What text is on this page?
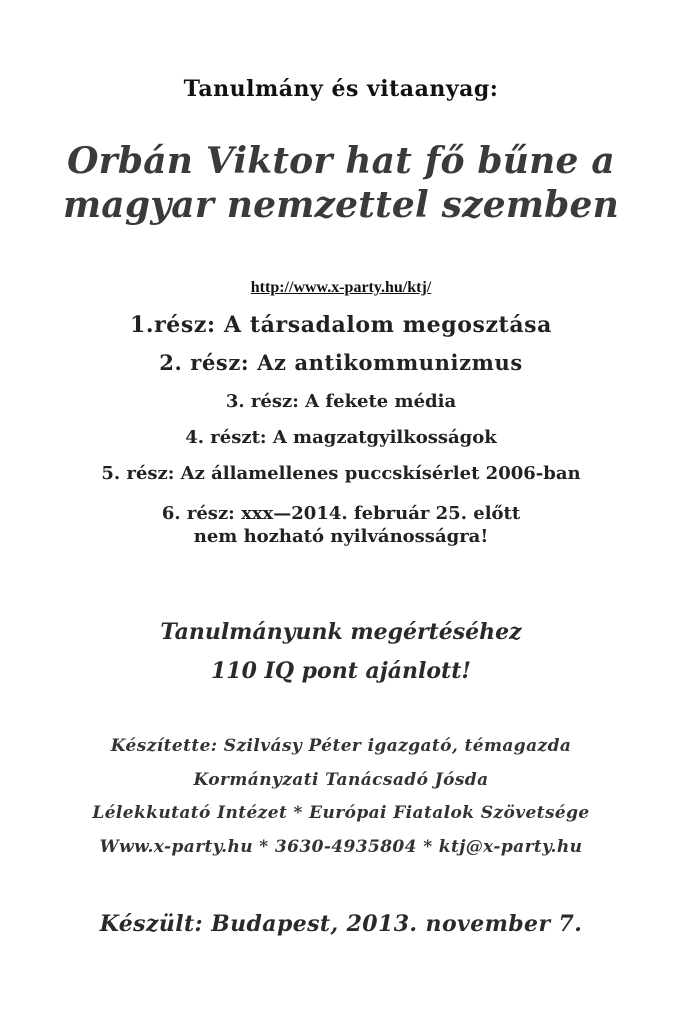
Tanulmány és vitaanyag:
Orbán Viktor hat fő bűne a
magyar nemzettel szemben
http://www.x-party.hu/ktj/
1.rész: A társadalom megosztása
2. rész: Az antikommunizmus
3. rész: A fekete média
4. részt: A magzatgyilkosságok
5. rész: Az államellenes puccskísérlet 2006-ban
6. rész: xxx—2014. február 25. előtt
nem hozható nyilvánosságra!
Tanulmányunk megértéséhez
110 IQ pont ajánlott!
Készítette: Szilvásy Péter igazgató, témagazda
Kormányzati Tanácsadó Jósda
Lélekkutató Intézet * Európai Fiatalok Szövetsége
Www.x-party.hu * 3630-4935804 * ktj@x-party.hu
Készült: Budapest, 2013. november 7.
